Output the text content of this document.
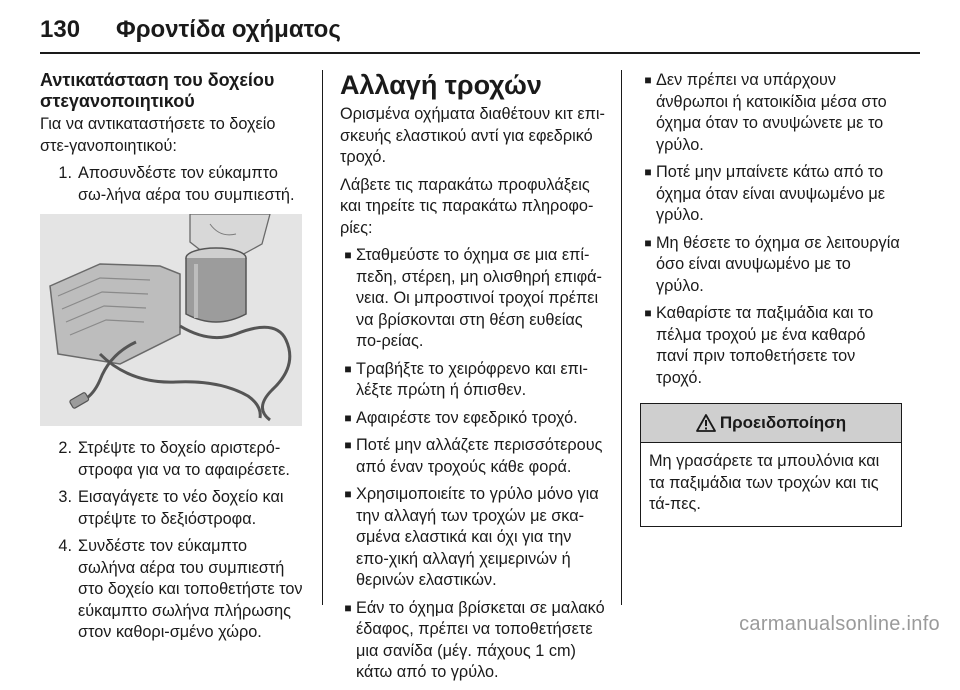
130 Φροντίδα οχήματος
Αντικατάσταση του δοχείου στεγανοποιητικού

Για να αντικαταστήσετε το δοχείο στε-γανοποιητικού:

1. Αποσυνδέστε τον εύκαμπτο σω-λήνα αέρα του συμπιεστή.
2. Στρέψτε το δοχείο αριστερό-στροφα για να το αφαιρέσετε.
3. Εισαγάγετε το νέο δοχείο και στρέψτε το δεξιόστροφα.
4. Συνδέστε τον εύκαμπτο σωλήνα αέρα του συμπιεστή στο δοχείο και τοποθετήστε τον εύκαμπτο σωλήνα πλήρωσης στον καθορι-σμένο χώρο.
Αλλαγή τροχών

Ορισμένα οχήματα διαθέτουν κιτ επι-σκευής ελαστικού αντί για εφεδρικό τροχό.

Λάβετε τις παρακάτω προφυλάξεις και τηρείτε τις παρακάτω πληροφο-ρίες:

■ Σταθμεύστε το όχημα σε μια επί-πεδη, στέρεη, μη ολισθηρή επιφά-νεια. Οι μπροστινοί τροχοί πρέπει να βρίσκονται στη θέση ευθείας πο-ρείας.
■ Τραβήξτε το χειρόφρενο και επι-λέξτε πρώτη ή όπισθεν.
■ Αφαιρέστε τον εφεδρικό τροχό.
■ Ποτέ μην αλλάζετε περισσότερους από έναν τροχούς κάθε φορά.
■ Χρησιμοποιείτε το γρύλο μόνο για την αλλαγή των τροχών με σκα-σμένα ελαστικά και όχι για την επο-χική αλλαγή χειμερινών ή θερινών ελαστικών.
■ Εάν το όχημα βρίσκεται σε μαλακό έδαφος, πρέπει να τοποθετήσετε μια σανίδα (μέγ. πάχους 1 cm) κάτω από το γρύλο.
■ Δεν πρέπει να υπάρχουν άνθρωποι ή κατοικίδια μέσα στο όχημα όταν το ανυψώνετε με το γρύλο.
■ Ποτέ μην μπαίνετε κάτω από το όχημα όταν είναι ανυψωμένο με γρύλο.
■ Μη θέσετε το όχημα σε λειτουργία όσο είναι ανυψωμένο με το γρύλο.
■ Καθαρίστε τα παξιμάδια και το πέλμα τροχού με ένα καθαρό πανί πριν τοποθετήσετε τον τροχό.
Προειδοποίηση
Μη γρασάρετε τα μπουλόνια και τα παξιμάδια των τροχών και τις τά-πες.
carmanualsonline.info
